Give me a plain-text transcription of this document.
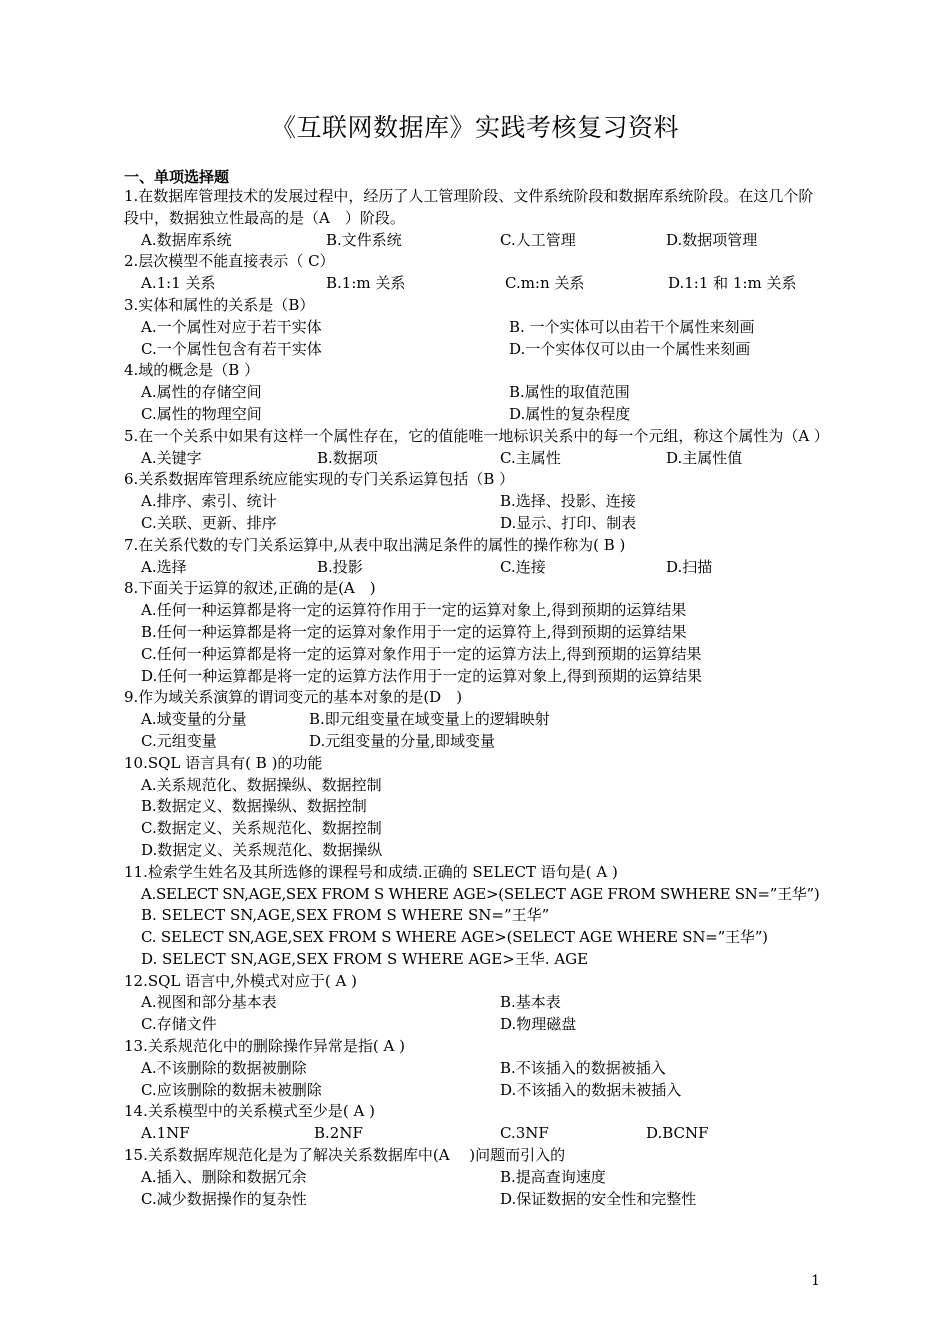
《互联网数据库》实践考核复习资料
一、单项选择题
1.在数据库管理技术的发展过程中，经历了人工管理阶段、文件系统阶段和数据库系统阶段。在这几个阶段中，数据独立性最高的是（A　）阶段。
A.数据库系统	B.文件系统	C.人工管理	D.数据项管理
2.层次模型不能直接表示（ C）
A.1:1 关系	B.1:m 关系	C.m:n 关系	D.1:1 和 1:m 关系
3.实体和属性的关系是（B）
A.一个属性对应于若干实体	B. 一个实体可以由若干个属性来刻画
C.一个属性包含有若干实体	D.一个实体仅可以由一个属性来刻画
4.域的概念是（B ）
A.属性的存储空间	B.属性的取值范围
C.属性的物理空间	D.属性的复杂程度
5.在一个关系中如果有这样一个属性存在，它的值能唯一地标识关系中的每一个元组，称这个属性为（A ）
A.关键字	B.数据项	C.主属性	D.主属性值
6.关系数据库管理系统应能实现的专门关系运算包括（B ）
A.排序、索引、统计	B.选择、投影、连接
C.关联、更新、排序	D.显示、打印、制表
7.在关系代数的专门关系运算中,从表中取出满足条件的属性的操作称为( B )
A.选择	B.投影	C.连接	D.扫描
8.下面关于运算的叙述,正确的是(A　)
A.任何一种运算都是将一定的运算符作用于一定的运算对象上,得到预期的运算结果
B.任何一种运算都是将一定的运算对象作用于一定的运算符上,得到预期的运算结果
C.任何一种运算都是将一定的运算对象作用于一定的运算方法上,得到预期的运算结果
D.任何一种运算都是将一定的运算方法作用于一定的运算对象上,得到预期的运算结果
9.作为域关系演算的谓词变元的基本对象的是(D　)
A.域变量的分量	B.即元组变量在域变量上的逻辑映射
C.元组变量	D.元组变量的分量,即域变量
10.SQL 语言具有( B )的功能
A.关系规范化、数据操纵、数据控制
B.数据定义、数据操纵、数据控制
C.数据定义、关系规范化、数据控制
D.数据定义、关系规范化、数据操纵
11.检索学生姓名及其所选修的课程号和成绩.正确的 SELECT 语句是( A )
A.SELECT SN,AGE,SEX FROM S WHERE AGE>(SELECT AGE FROM SWHERE SN=”王华”)
B. SELECT SN,AGE,SEX FROM S WHERE SN=”王华”
C. SELECT SN,AGE,SEX FROM S WHERE AGE>(SELECT AGE WHERE SN=”王华”)
D. SELECT SN,AGE,SEX FROM S WHERE AGE>王华. AGE
12.SQL 语言中,外模式对应于( A )
A.视图和部分基本表	B.基本表
C.存储文件	D.物理磁盘
13.关系规范化中的删除操作异常是指( A )
A.不该删除的数据被删除	B.不该插入的数据被插入
C.应该删除的数据未被删除	D.不该插入的数据未被插入
14.关系模型中的关系模式至少是( A )
A.1NF	B.2NF	C.3NF	D.BCNF
15.关系数据库规范化是为了解决关系数据库中(A　 )问题而引入的
A.插入、删除和数据冗余	B.提高查询速度
C.减少数据操作的复杂性	D.保证数据的安全性和完整性
1
